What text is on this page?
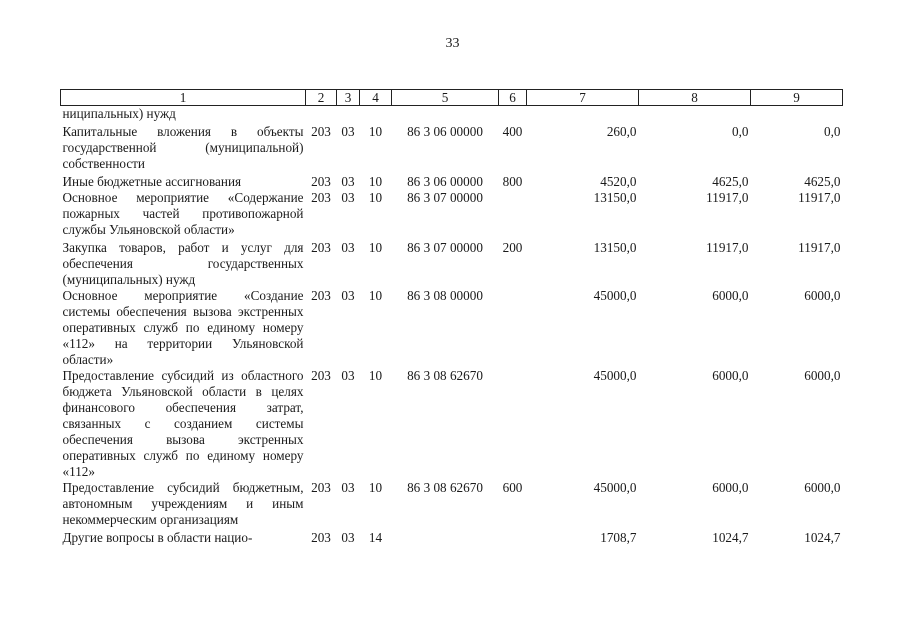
33
1	2	3	4	5	6	7	8	9
ниципальных) нужд								
Капитальные вложения в объекты государственной (муниципальной) собственности	203	03	10	86 3 06 00000	400	260,0	0,0	0,0
Иные бюджетные ассигнования	203	03	10	86 3 06 00000	800	4520,0	4625,0	4625,0
Основное мероприятие «Содержание пожарных частей противопожарной службы Ульяновской области»	203	03	10	86 3 07 00000		13150,0	11917,0	11917,0
Закупка товаров, работ и услуг для обеспечения государственных (муниципальных) нужд	203	03	10	86 3 07 00000	200	13150,0	11917,0	11917,0
Основное мероприятие «Создание системы обеспечения вызова экстренных оперативных служб по единому номеру «112» на территории Ульяновской области»	203	03	10	86 3 08 00000		45000,0	6000,0	6000,0
Предоставление субсидий из областного бюджета Ульяновской области в целях финансового обеспечения затрат, связанных с созданием системы обеспечения вызова экстренных оперативных служб по единому номеру «112»	203	03	10	86 3 08 62670		45000,0	6000,0	6000,0
Предоставление субсидий бюджетным, автономным учреждениям и иным некоммерческим организациям	203	03	10	86 3 08 62670	600	45000,0	6000,0	6000,0
Другие вопросы в области нацио-	203	03	14			1708,7	1024,7	1024,7
